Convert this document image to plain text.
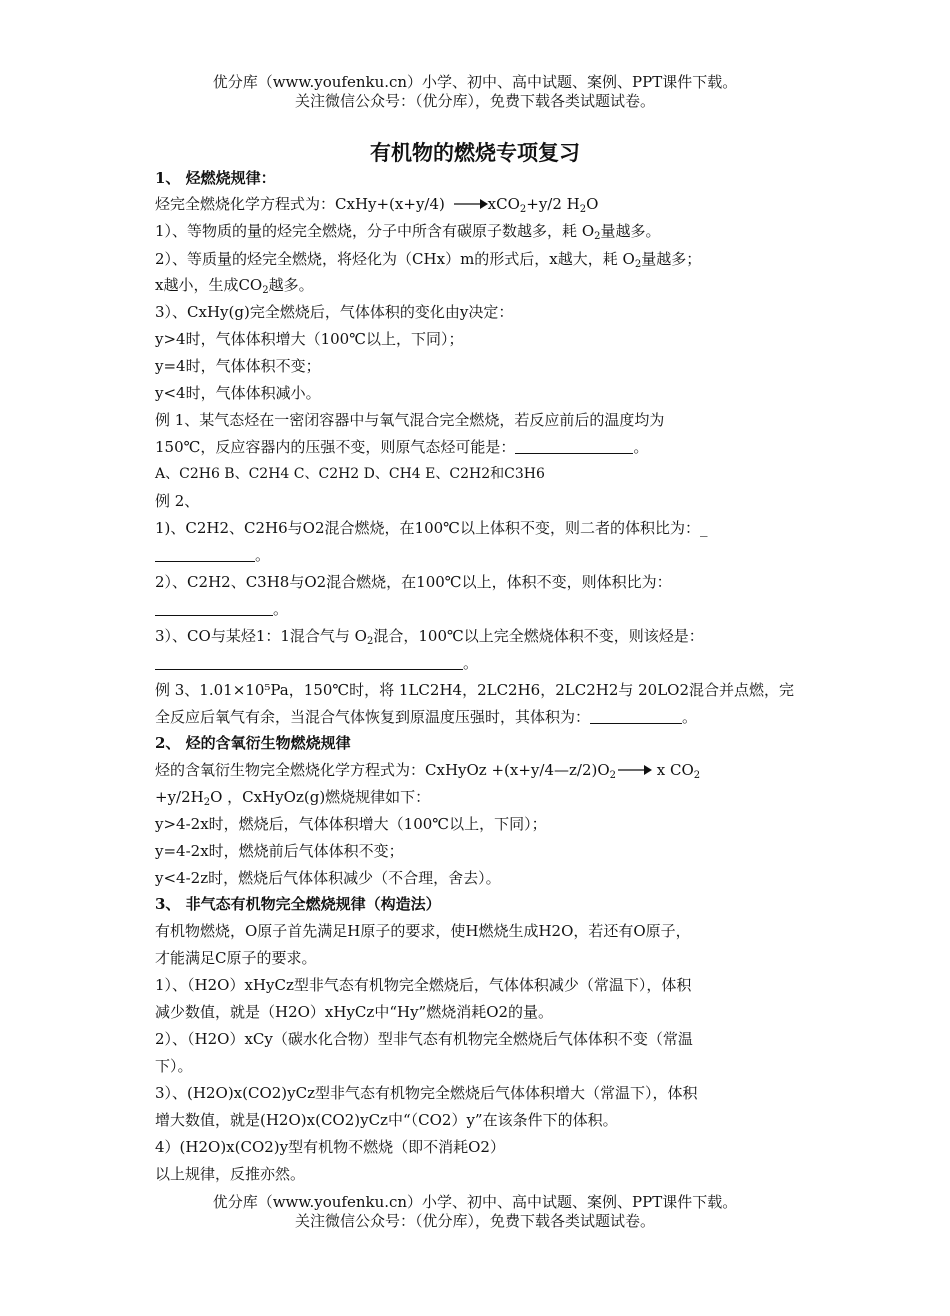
优分库（www.youfenku.cn）小学、初中、高中试题、案例、PPT课件下载。
关注微信公众号：（优分库），免费下载各类试题试卷。
有机物的燃烧专项复习
1、 烃燃烧规律：
烃完全燃烧化学方程式为：CxHy+(x+y/4)	xCO$_2$+y/2 $H_2O$
1）、等物质的量的烃完全燃烧，分子中所含有碳原子数越多，耗 $O_2$量越多。
2）、等质量的烃完全燃烧，将烃化为（CHx）m的形式后，x越大，耗 $O_2$量越多；
x越小，生成$CO_2$越多。
3）、CxHy(g)完全燃烧后，气体体积的变化由y决定：
y>4时，气体体积增大（100℃以上，下同）；
y=4时，气体体积不变；
y<4时，气体体积减小。
例 1、某气态烃在一密闭容器中与氧气混合完全燃烧，若反应前后的温度均为
150℃，反应容器内的压强不变，则原气态烃可能是：	。
A、C2H6 B、C2H4 C、C2H2 D、CH4 E、C2H2和C3H6
例 2、
1)、C2H2、C2H6与O2混合燃烧，在100℃以上体积不变，则二者的体积比为：_
。
2）、C2H2、C3H8与O2混合燃烧，在100℃以上，体积不变，则体积比为：
。
3）、CO与某烃1：1混合气与 $O_2$混合，100℃以上完全燃烧体积不变，则该烃是：
。
例 3、1.01×10⁵Pa，150℃时，将 1LC2H4，2LC2H6，2LC2H2与 20LO2混合并点燃，完
全反应后氧气有余，当混合气体恢复到原温度压强时，其体积为：	。
2、 烃的含氧衍生物燃烧规律
烃的含氧衍生物完全燃烧化学方程式为：CxHyOz $+(x+y/4—z/2)O_2$ x $CO_2$
$+y/2H_2O$ ，CxHyOz(g)燃烧规律如下：
y>4-2x时，燃烧后，气体体积增大（100℃以上，下同）；
y=4-2x时，燃烧前后气体体积不变；
y<4-2z时，燃烧后气体体积减少（不合理，舍去）。
3、 非气态有机物完全燃烧规律（构造法）
有机物燃烧，O原子首先满足H原子的要求，使H燃烧生成H2O，若还有O原子，
才能满足C原子的要求。
1）、（H2O）xHyCz型非气态有机物完全燃烧后，气体体积减少（常温下），体积
减少数值，就是（H2O）xHyCz中“Hy”燃烧消耗O2的量。
2）、（H2O）xCy（碳水化合物）型非气态有机物完全燃烧后气体体积不变（常温
下）。
3）、(H2O)x(CO2)yCz型非气态有机物完全燃烧后气体体积增大（常温下），体积
增大数值，就是(H2O)x(CO2)yCz中“（CO2）y”在该条件下的体积。
4）(H2O)x(CO2)y型有机物不燃烧（即不消耗O2）
以上规律，反推亦然。
优分库（www.youfenku.cn）小学、初中、高中试题、案例、PPT课件下载。
关注微信公众号：（优分库），免费下载各类试题试卷。
